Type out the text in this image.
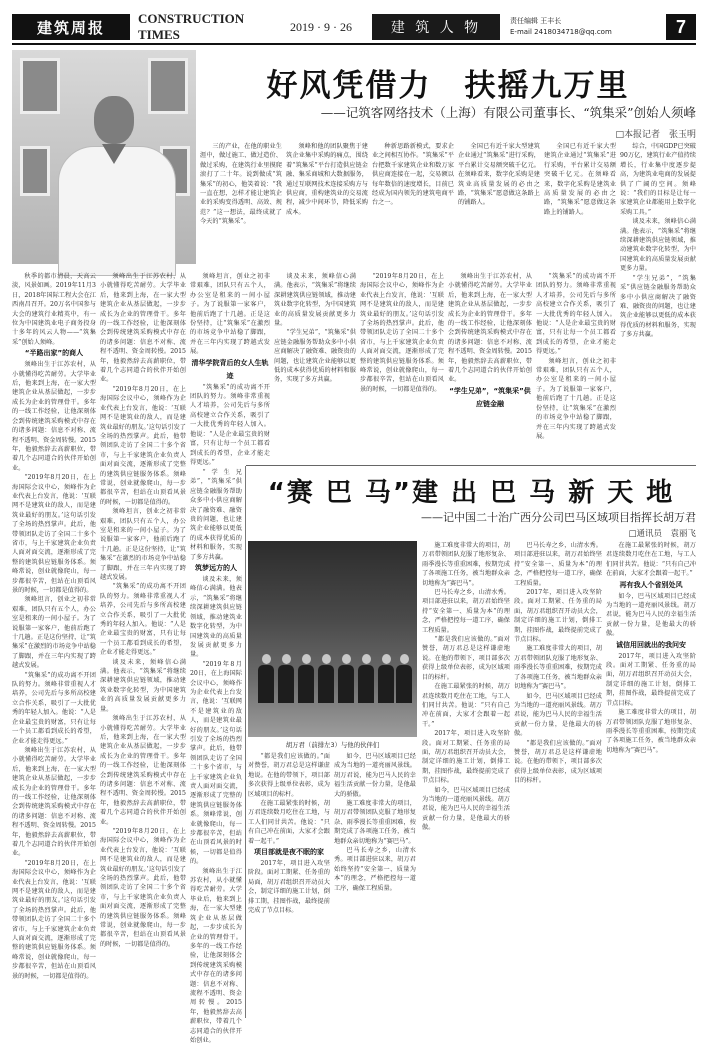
建筑周报	CONSTRUCTION TIMES
2019 · 9 · 26	建 筑 人 物	责任编辑 王丰长
E-mail 2418034718@qq.com	7
好风凭借力　扶摇九万里
——记筑客网络技术（上海）有限公司董事长、“筑集采”创始人须峰
□本报记者　张玉明

三的产业，在他的职业生涯中，做过施工、做过造价、做过采购，在建筑行业里摸爬滚打了二十年。说到做成“筑集采”的初心，他笑着说：“我一直在想，怎样才能让建筑企业的采购变得透明、高效、规范？”这一想法，最终成就了今天的“筑集采”。

须峰和他的团队聚焦于建筑企业集中采购的痛点，围绕着“筑集采”平台打造供应链金融、集采商城和大数据服务，通过互联网技术连接采购方与供应商，重构建筑业的交易流程，减少中间环节，降低采购成本。

种新思路新模式，要求企业之间相互协作。“筑集采”平台把数千家建筑企业和数万家供应商连接在一起，交易额以每年数倍的速度增长，目前已经成为国内领先的建筑电商平台之一。

全国已有近千家大型建筑企业通过“筑集采”进行采购，平台累计交易额突破千亿元。在须峰看来，数字化采购是建筑业高质量发展的必由之路，“筑集采”愿意做这条路上的铺路人。

全国已有近千家大型建筑企业通过“筑集采”进行采购，平台累计交易额突破千亿元。在须峰看来，数字化采购是建筑业高质量发展的必由之路，“筑集采”愿意做这条路上的铺路人。

综合，中国GDP已突破90万亿，建筑行业产值持续增长，行业集中度逐步提高，为建筑业电商的发展提供了广阔的空间。须峰说：“我们的目标是让每一家建筑企业都能用上数字化采购工具。”

谈及未来，须峰信心满满。他表示，“筑集采”将继续深耕建筑供应链领域，推动建筑业数字化转型，为中国建筑业的高质量发展贡献更多力量。

“学生兄弟”，“筑集采”供应链金融服务帮助众多中小供应商解决了融资难、融资贵的问题，也让建筑企业能够以更低的成本获得优质的材料和服务，实现了多方共赢。

秋季的都市清晨，天高云淡，风景如画。2019年11月3日，2018年国际工程大会在江西南昌召开。20万名中国参与大会的建筑行业精英中，有一位为中国建筑业电子商务投身十多年的风云人物——“筑集采”创始人须峰。

“半路出家”的商人

须峰出生于江苏农村，从小就懂得吃苦耐劳。大学毕业后，他来到上海，在一家大型建筑企业从基层做起，一步步成长为企业的管理骨干。多年的一线工作经验，让他深刻体会到传统建筑采购模式中存在的诸多问题：信息不对称、流程不透明、资金周转慢。2015年，他毅然辞去高薪职位，带着几个志同道合的伙伴开始创业。

“2019年8月20日，在上海国际会议中心，须峰作为企业代表上台发言，他说：‘互联网不是建筑业的敌人，而是建筑业最好的朋友。’这句话引发了全场的热烈掌声。此后，他带领团队走访了全国二十多个省市，与上千家建筑企业负责人面对面交流，逐渐形成了完整的建筑供应链服务体系。须峰常说，创业就像爬山，每一步都很辛苦，但站在山顶看风景的时候，一切都是值得的。

须峰坦言，创业之初非常艰难，团队只有五个人，办公室是租来的一间小屋子。为了说服第一家客户，他前后跑了十几趟。正是这份坚持，让“筑集采”在激烈的市场竞争中站稳了脚跟，并在三年内实现了跨越式发展。

“筑集采”的成功离不开团队的努力。须峰非常重视人才培养，公司先后与多所高校建立合作关系，吸引了一大批优秀的年轻人加入。他说：“人是企业最宝贵的财富，只有让每一个员工都看到成长的希望，企业才能走得更远。”

须峰出生于江苏农村，从小就懂得吃苦耐劳。大学毕业后，他来到上海，在一家大型建筑企业从基层做起，一步步成长为企业的管理骨干。多年的一线工作经验，让他深刻体会到传统建筑采购模式中存在的诸多问题：信息不对称、流程不透明、资金周转慢。2015年，他毅然辞去高薪职位，带着几个志同道合的伙伴开始创业。

“2019年8月20日，在上海国际会议中心，须峰作为企业代表上台发言，他说：‘互联网不是建筑业的敌人，而是建筑业最好的朋友。’这句话引发了全场的热烈掌声。此后，他带领团队走访了全国二十多个省市，与上千家建筑企业负责人面对面交流，逐渐形成了完整的建筑供应链服务体系。须峰常说，创业就像爬山，每一步都很辛苦，但站在山顶看风景的时候，一切都是值得的。

须峰出生于江苏农村，从小就懂得吃苦耐劳。大学毕业后，他来到上海，在一家大型建筑企业从基层做起，一步步成长为企业的管理骨干。多年的一线工作经验，让他深刻体会到传统建筑采购模式中存在的诸多问题：信息不对称、流程不透明、资金周转慢。2015年，他毅然辞去高薪职位，带着几个志同道合的伙伴开始创业。

“2019年8月20日，在上海国际会议中心，须峰作为企业代表上台发言，他说：‘互联网不是建筑业的敌人，而是建筑业最好的朋友。’这句话引发了全场的热烈掌声。此后，他带领团队走访了全国二十多个省市，与上千家建筑企业负责人面对面交流，逐渐形成了完整的建筑供应链服务体系。须峰常说，创业就像爬山，每一步都很辛苦，但站在山顶看风景的时候，一切都是值得的。

须峰坦言，创业之初非常艰难，团队只有五个人，办公室是租来的一间小屋子。为了说服第一家客户，他前后跑了十几趟。正是这份坚持，让“筑集采”在激烈的市场竞争中站稳了脚跟，并在三年内实现了跨越式发展。

“筑集采”的成功离不开团队的努力。须峰非常重视人才培养，公司先后与多所高校建立合作关系，吸引了一大批优秀的年轻人加入。他说：“人是企业最宝贵的财富，只有让每一个员工都看到成长的希望，企业才能走得更远。”

谈及未来，须峰信心满满。他表示，“筑集采”将继续深耕建筑供应链领域，推动建筑业数字化转型，为中国建筑业的高质量发展贡献更多力量。

须峰出生于江苏农村，从小就懂得吃苦耐劳。大学毕业后，他来到上海，在一家大型建筑企业从基层做起，一步步成长为企业的管理骨干。多年的一线工作经验，让他深刻体会到传统建筑采购模式中存在的诸多问题：信息不对称、流程不透明、资金周转慢。2015年，他毅然辞去高薪职位，带着几个志同道合的伙伴开始创业。

“2019年8月20日，在上海国际会议中心，须峰作为企业代表上台发言，他说：‘互联网不是建筑业的敌人，而是建筑业最好的朋友。’这句话引发了全场的热烈掌声。此后，他带领团队走访了全国二十多个省市，与上千家建筑企业负责人面对面交流，逐渐形成了完整的建筑供应链服务体系。须峰常说，创业就像爬山，每一步都很辛苦，但站在山顶看风景的时候，一切都是值得的。

须峰坦言，创业之初非常艰难，团队只有五个人，办公室是租来的一间小屋子。为了说服第一家客户，他前后跑了十几趟。正是这份坚持，让“筑集采”在激烈的市场竞争中站稳了脚跟，并在三年内实现了跨越式发展。

清华学院背后的女人生轨迹

“筑集采”的成功离不开团队的努力。须峰非常重视人才培养，公司先后与多所高校建立合作关系，吸引了一大批优秀的年轻人加入。他说：“人是企业最宝贵的财富，只有让每一个员工都看到成长的希望，企业才能走得更远。”

谈及未来，须峰信心满满。他表示，“筑集采”将继续深耕建筑供应链领域，推动建筑业数字化转型，为中国建筑业的高质量发展贡献更多力量。

“学生兄弟”，“筑集采”供应链金融服务帮助众多中小供应商解决了融资难、融资贵的问题，也让建筑企业能够以更低的成本获得优质的材料和服务，实现了多方共赢。

“2019年8月20日，在上海国际会议中心，须峰作为企业代表上台发言，他说：‘互联网不是建筑业的敌人，而是建筑业最好的朋友。’这句话引发了全场的热烈掌声。此后，他带领团队走访了全国二十多个省市，与上千家建筑企业负责人面对面交流，逐渐形成了完整的建筑供应链服务体系。须峰常说，创业就像爬山，每一步都很辛苦，但站在山顶看风景的时候，一切都是值得的。

须峰出生于江苏农村，从小就懂得吃苦耐劳。大学毕业后，他来到上海，在一家大型建筑企业从基层做起，一步步成长为企业的管理骨干。多年的一线工作经验，让他深刻体会到传统建筑采购模式中存在的诸多问题：信息不对称、流程不透明、资金周转慢。2015年，他毅然辞去高薪职位，带着几个志同道合的伙伴开始创业。

“学生兄弟”，“筑集采”供应链金融

“筑集采”的成功离不开团队的努力。须峰非常重视人才培养，公司先后与多所高校建立合作关系，吸引了一大批优秀的年轻人加入。他说：“人是企业最宝贵的财富，只有让每一个员工都看到成长的希望，企业才能走得更远。”

须峰坦言，创业之初非常艰难，团队只有五个人，办公室是租来的一间小屋子。为了说服第一家客户，他前后跑了十几趟。正是这份坚持，让“筑集采”在激烈的市场竞争中站稳了脚跟，并在三年内实现了跨越式发展。

“学生兄弟”，“筑集采”供应链金融服务帮助众多中小供应商解决了融资难、融资贵的问题，也让建筑企业能够以更低的成本获得优质的材料和服务，实现了多方共赢。

筑梦远方的人

谈及未来，须峰信心满满。他表示，“筑集采”将继续深耕建筑供应链领域，推动建筑业数字化转型，为中国建筑业的高质量发展贡献更多力量。

“2019年8月20日，在上海国际会议中心，须峰作为企业代表上台发言，他说：‘互联网不是建筑业的敌人，而是建筑业最好的朋友。’这句话引发了全场的热烈掌声。此后，他带领团队走访了全国二十多个省市，与上千家建筑企业负责人面对面交流，逐渐形成了完整的建筑供应链服务体系。须峰常说，创业就像爬山，每一步都很辛苦，但站在山顶看风景的时候，一切都是值得的。

须峰出生于江苏农村，从小就懂得吃苦耐劳。大学毕业后，他来到上海，在一家大型建筑企业从基层做起，一步步成长为企业的管理骨干。多年的一线工作经验，让他深刻体会到传统建筑采购模式中存在的诸多问题：信息不对称、流程不透明、资金周转慢。2015年，他毅然辞去高薪职位，带着几个志同道合的伙伴开始创业。

“赛 巴 马”建 出 巴 马 新 天 地
——记中国二十治广西分公司巴马区域项目指挥长胡万君
□通讯员　袁丽飞
胡万君（前排左3）与他的伙伴们

“都是我们应该做的。”面对赞誉，胡万君总是这样谦虚地说。在他的带领下，项目部多次获得上级单位表彰，成为区域项目的标杆。

在施工最紧张的时候，胡万君连续数月吃住在工地，与工人们同甘共苦。他说：“只有自己冲在前面，大家才会跟着一起干。”

项目部就是夜不眠的家

2017年，项目进入攻坚阶段。面对工期紧、任务重的局面，胡万君组织召开动员大会，制定详细的施工计划，倒排工期，挂图作战，最终提前完成了节点目标。

如今，巴马区域项目已经成为当地的一道亮丽风景线。胡万君说，能为巴马人民的幸福生活贡献一份力量，是他最大的骄傲。

施工难度非常大的项目，胡万君带领团队克服了地形复杂、雨季漫长等重重困难，按期完成了各项施工任务，被当地群众亲切地称为“赛巴马”。

巴马长寿之乡，山清水秀。项目部进驻以来，胡万君始终坚持“安全第一、质量为本”的理念，严格把控每一道工序，确保工程质量。

施工难度非常大的项目，胡万君带领团队克服了地形复杂、雨季漫长等重重困难，按期完成了各项施工任务，被当地群众亲切地称为“赛巴马”。

巴马长寿之乡，山清水秀。项目部进驻以来，胡万君始终坚持“安全第一、质量为本”的理念，严格把控每一道工序，确保工程质量。

“都是我们应该做的。”面对赞誉，胡万君总是这样谦虚地说。在他的带领下，项目部多次获得上级单位表彰，成为区域项目的标杆。

在施工最紧张的时候，胡万君连续数月吃住在工地，与工人们同甘共苦。他说：“只有自己冲在前面，大家才会跟着一起干。”

2017年，项目进入攻坚阶段。面对工期紧、任务重的局面，胡万君组织召开动员大会，制定详细的施工计划，倒排工期，挂图作战，最终提前完成了节点目标。

如今，巴马区域项目已经成为当地的一道亮丽风景线。胡万君说，能为巴马人民的幸福生活贡献一份力量，是他最大的骄傲。

巴马长寿之乡，山清水秀。项目部进驻以来，胡万君始终坚持“安全第一、质量为本”的理念，严格把控每一道工序，确保工程质量。

2017年，项目进入攻坚阶段。面对工期紧、任务重的局面，胡万君组织召开动员大会，制定详细的施工计划，倒排工期，挂图作战，最终提前完成了节点目标。

施工难度非常大的项目，胡万君带领团队克服了地形复杂、雨季漫长等重重困难，按期完成了各项施工任务，被当地群众亲切地称为“赛巴马”。

如今，巴马区域项目已经成为当地的一道亮丽风景线。胡万君说，能为巴马人民的幸福生活贡献一份力量，是他最大的骄傲。

“都是我们应该做的。”面对赞誉，胡万君总是这样谦虚地说。在他的带领下，项目部多次获得上级单位表彰，成为区域项目的标杆。

在施工最紧张的时候，胡万君连续数月吃住在工地，与工人们同甘共苦。他说：“只有自己冲在前面，大家才会跟着一起干。”

再有我人个省别处风

如今，巴马区域项目已经成为当地的一道亮丽风景线。胡万君说，能为巴马人民的幸福生活贡献一份力量，是他最大的骄傲。

诚信用回就出的我问安

2017年，项目进入攻坚阶段。面对工期紧、任务重的局面，胡万君组织召开动员大会，制定详细的施工计划，倒排工期，挂图作战，最终提前完成了节点目标。

施工难度非常大的项目，胡万君带领团队克服了地形复杂、雨季漫长等重重困难，按期完成了各项施工任务，被当地群众亲切地称为“赛巴马”。
